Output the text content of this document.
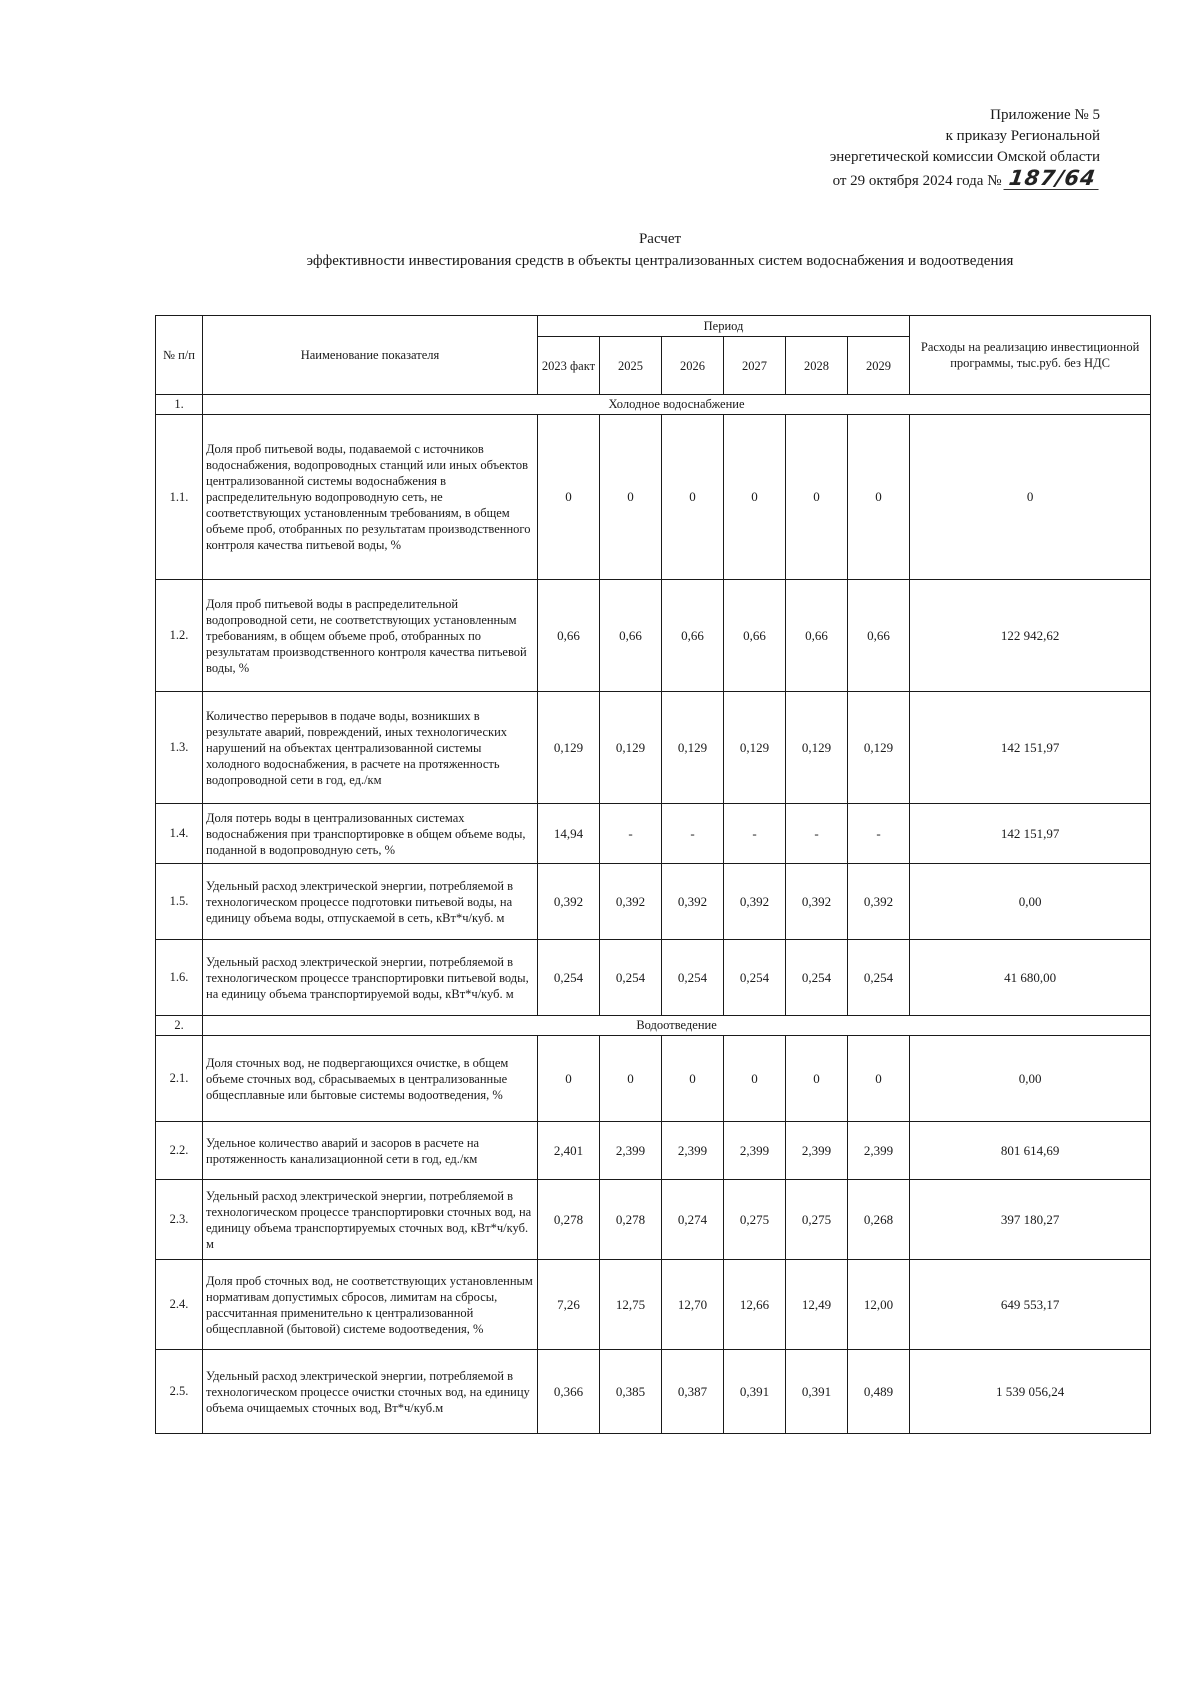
Приложение № 5
к приказу Региональной
энергетической комиссии Омской области
от 29 октября 2024 года № 187/64
Расчет
эффективности инвестирования средств в объекты централизованных систем водоснабжения и водоотведения
№ п/п	Наименование показателя	Период						Расходы на реализацию инвестиционной программы, тыс.руб. без НДС
		2023 факт	2025	2026	2027	2028	2029	
1.	Холодное водоснабжение							
1.1.	Доля проб питьевой воды, подаваемой с источников водоснабжения, водопроводных станций или иных объектов централизованной системы водоснабжения в распределительную водопроводную сеть, не соответствующих установленным требованиям, в общем объеме проб, отобранных по результатам производственного контроля качества питьевой воды, %	0	0	0	0	0	0	0
1.2.	Доля проб питьевой воды в распределительной водопроводной сети, не соответствующих установленным требованиям, в общем объеме проб, отобранных по результатам производственного контроля качества питьевой воды, %	0,66	0,66	0,66	0,66	0,66	0,66	122 942,62
1.3.	Количество перерывов в подаче воды, возникших в результате аварий, повреждений, иных технологических нарушений на объектах централизованной системы холодного водоснабжения, в расчете на протяженность водопроводной сети в год, ед./км	0,129	0,129	0,129	0,129	0,129	0,129	142 151,97
1.4.	Доля потерь воды в централизованных системах водоснабжения при транспортировке в общем объеме воды, поданной в водопроводную сеть, %	14,94	-	-	-	-	-	142 151,97
1.5.	Удельный расход электрической энергии, потребляемой в технологическом процессе подготовки питьевой воды, на единицу объема воды, отпускаемой в сеть, кВт*ч/куб. м	0,392	0,392	0,392	0,392	0,392	0,392	0,00
1.6.	Удельный расход электрической энергии, потребляемой в технологическом процессе транспортировки питьевой воды, на единицу объема транспортируемой воды, кВт*ч/куб. м	0,254	0,254	0,254	0,254	0,254	0,254	41 680,00
2.	Водоотведение							
2.1.	Доля сточных вод, не подвергающихся очистке, в общем объеме сточных вод, сбрасываемых в централизованные общесплавные или бытовые системы водоотведения, %	0	0	0	0	0	0	0,00
2.2.	Удельное количество аварий и засоров в расчете на протяженность канализационной сети в год, ед./км	2,401	2,399	2,399	2,399	2,399	2,399	801 614,69
2.3.	Удельный расход электрической энергии, потребляемой в технологическом процессе транспортировки сточных вод, на единицу объема транспортируемых сточных вод, кВт*ч/куб. м	0,278	0,278	0,274	0,275	0,275	0,268	397 180,27
2.4.	Доля проб сточных вод, не соответствующих установленным нормативам допустимых сбросов, лимитам на сбросы, рассчитанная применительно к централизованной общесплавной (бытовой) системе водоотведения, %	7,26	12,75	12,70	12,66	12,49	12,00	649 553,17
2.5.	Удельный расход электрической энергии, потребляемой в технологическом процессе очистки сточных вод, на единицу объема очищаемых сточных вод, Вт*ч/куб.м	0,366	0,385	0,387	0,391	0,391	0,489	1 539 056,24
